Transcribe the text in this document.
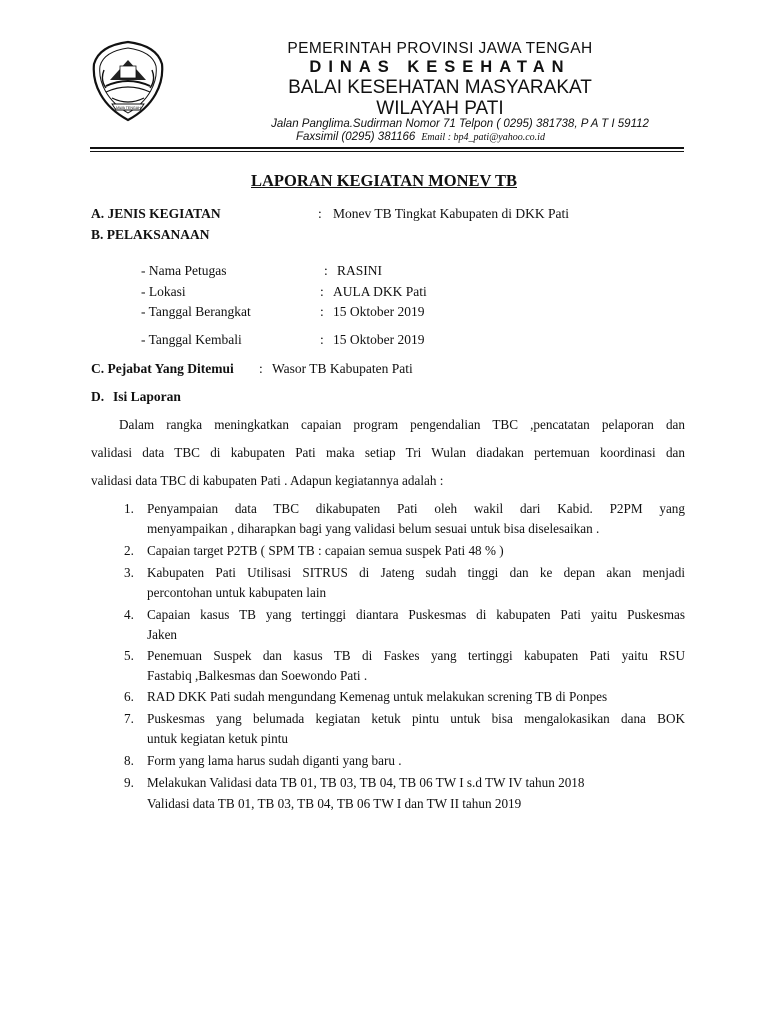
JAWA TENGAH
PEMERINTAH PROVINSI JAWA TENGAH
DINAS KESEHATAN
BALAI KESEHATAN MASYARAKAT
WILAYAH PATI
Jalan Panglima.Sudirman Nomor 71 Telpon ( 0295) 381738, P A T I 59112
Faxsimil (0295) 381166 Email : bp4_pati@yahoo.co.id
LAPORAN KEGIATAN MONEV TB
A. JENIS KEGIATAN	: Monev TB Tingkat Kabupaten di DKK Pati
B. PELAKSANAAN
- Nama Petugas	: RASINI
- Lokasi	: AULA DKK Pati
- Tanggal Berangkat	: 15 Oktober 2019
- Tanggal Kembali	: 15 Oktober 2019
C. Pejabat Yang Ditemui : Wasor TB Kabupaten Pati
D. Isi Laporan
Dalam rangka meningkatkan capaian program pengendalian TBC ,pencatatan pelaporan dan
validasi data TBC di kabupaten Pati maka setiap Tri Wulan diadakan pertemuan koordinasi dan
validasi data TBC di kabupaten Pati . Adapun kegiatannya adalah :
1. Penyampaian data TBC dikabupaten Pati oleh wakil dari Kabid. P2PM yang
menyampaikan , diharapkan bagi yang validasi belum sesuai untuk bisa diselesaikan .
2. Capaian target P2TB ( SPM TB : capaian semua suspek Pati 48 % )
3. Kabupaten Pati Utilisasi SITRUS di Jateng sudah tinggi dan ke depan akan menjadi
percontohan untuk kabupaten lain
4. Capaian kasus TB yang tertinggi diantara Puskesmas di kabupaten Pati yaitu Puskesmas
Jaken
5. Penemuan Suspek dan kasus TB di Faskes yang tertinggi kabupaten Pati yaitu RSU
Fastabiq ,Balkesmas dan Soewondo Pati .
6. RAD DKK Pati sudah mengundang Kemenag untuk melakukan screning TB di Ponpes
7. Puskesmas yang belumada kegiatan ketuk pintu untuk bisa mengalokasikan dana BOK
untuk kegiatan ketuk pintu
8. Form yang lama harus sudah diganti yang baru .
9. Melakukan Validasi data TB 01, TB 03, TB 04, TB 06 TW I s.d TW IV tahun 2018
Validasi data TB 01, TB 03, TB 04, TB 06 TW I dan TW II tahun 2019
